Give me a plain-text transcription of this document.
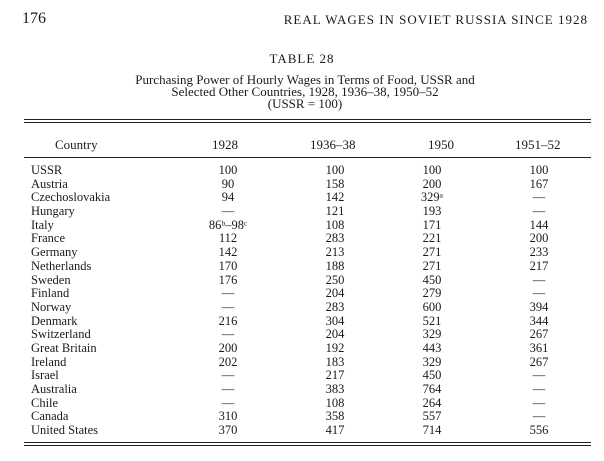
176	REAL WAGES IN SOVIET RUSSIA SINCE 1928
TABLE 28
Purchasing Power of Hourly Wages in Terms of Food, USSR and
Selected Other Countries, 1928, 1936–38, 1950–52
(USSR = 100)
Country	1928	1936–38	1950	1951–52
USSR	100	100	100	100
Austria	90	158	200	167
Czechoslovakia	94	142	329ᵃ	—
Hungary	—	121	193	—
Italy	86ᵇ–98ᶜ	108	171	144
France	112	283	221	200
Germany	142	213	271	233
Netherlands	170	188	271	217
Sweden	176	250	450	—
Finland	—	204	279	—
Norway	—	283	600	394
Denmark	216	304	521	344
Switzerland	—	204	329	267
Great Britain	200	192	443	361
Ireland	202	183	329	267
Israel	—	217	450	—
Australia	—	383	764	—
Chile	—	108	264	—
Canada	310	358	557	—
United States	370	417	714	556
